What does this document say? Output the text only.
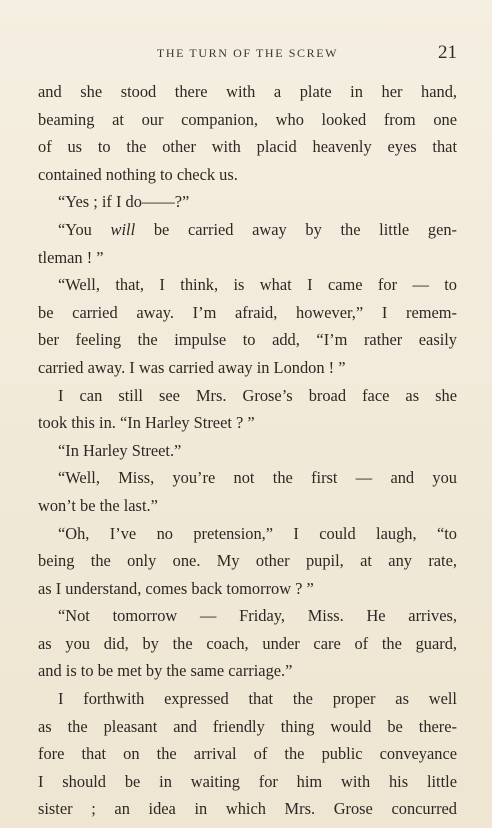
THE TURN OF THE SCREW	21
and she stood there with a plate in her hand,
beaming at our companion, who looked from one
of us to the other with placid heavenly eyes that
contained nothing to check us.
“Yes ; if I do——?”
“You will be carried away by the little gen-
tleman ! ”
“Well, that, I think, is what I came for — to
be carried away. I’m afraid, however,” I remem-
ber feeling the impulse to add, “I’m rather easily
carried away. I was carried away in London ! ”
I can still see Mrs. Grose’s broad face as she
took this in. “In Harley Street ? ”
“In Harley Street.”
“Well, Miss, you’re not the first — and you
won’t be the last.”
“Oh, I’ve no pretension,” I could laugh, “to
being the only one. My other pupil, at any rate,
as I understand, comes back tomorrow ? ”
“Not tomorrow — Friday, Miss. He arrives,
as you did, by the coach, under care of the guard,
and is to be met by the same carriage.”
I forthwith expressed that the proper as well
as the pleasant and friendly thing would be there-
fore that on the arrival of the public conveyance
I should be in waiting for him with his little
sister ; an idea in which Mrs. Grose concurred
